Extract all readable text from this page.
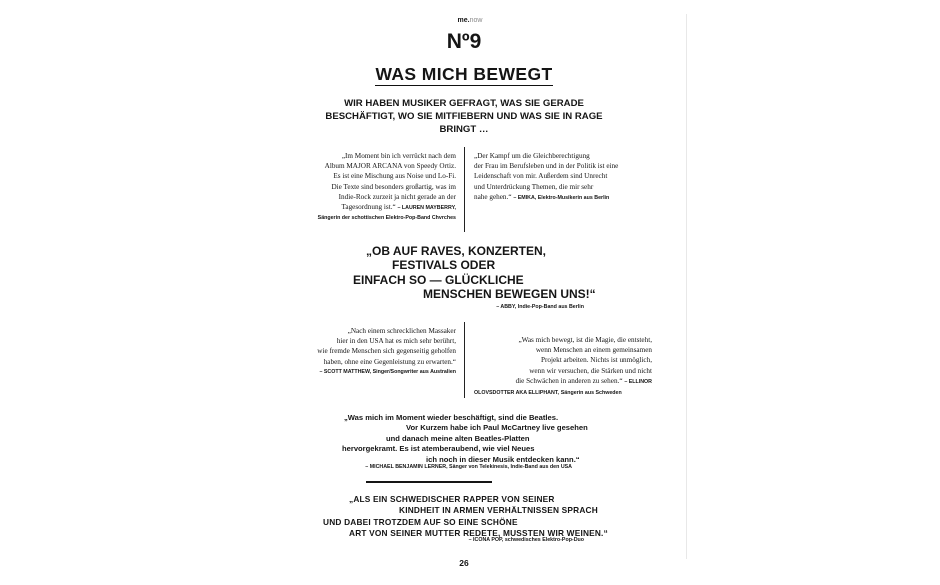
me.now
Nº9
WAS MICH BEWEGT
WIR HABEN MUSIKER GEFRAGT, WAS SIE GERADE BESCHÄFTIGT, WO SIE MITFIEBERN UND WAS SIE IN RAGE BRINGT …
„Im Moment bin ich verrückt nach dem
Album MAJOR ARCANA von Speedy Ortiz.
Es ist eine Mischung aus Noise und Lo-Fi.
Die Texte sind besonders großartig, was im
Indie-Rock zurzeit ja nicht gerade an der
Tagesordnung ist.“ – LAUREN MAYBERRY,
Sängerin der schottischen Elektro-Pop-Band Chvrches
„Der Kampf um die Gleichberechtigung
der Frau im Berufsleben und in der Politik ist eine
Leidenschaft von mir. Außerdem sind Unrecht
und Unterdrückung Themen, die mir sehr
nahe gehen.“ – EMIKA, Elektro-Musikerin aus Berlin
„OB AUF RAVES, KONZERTEN,
FESTIVALS ODER
EINFACH SO — GLÜCKLICHE
MENSCHEN BEWEGEN UNS!“
– ABBY, Indie-Pop-Band aus Berlin
„Nach einem schrecklichen Massaker
hier in den USA hat es mich sehr berührt,
wie fremde Menschen sich gegenseitig geholfen
haben, ohne eine Gegenleistung zu erwarten.“
– SCOTT MATTHEW, Singer/Songwriter aus Australien
„Was mich bewegt, ist die Magie, die entsteht,
wenn Menschen an einem gemeinsamen
Projekt arbeiten. Nichts ist unmöglich,
wenn wir versuchen, die Stärken und nicht
die Schwächen in anderen zu sehen.“ – ELLINOR
OLOVSDOTTER AKA ELLIPHANT, Sängerin aus Schweden
„Was mich im Moment wieder beschäftigt, sind die Beatles.
Vor Kurzem habe ich Paul McCartney live gesehen
und danach meine alten Beatles-Platten
hervorgekramt. Es ist atemberaubend, wie viel Neues
ich noch in dieser Musik entdecken kann.“
– MICHAEL BENJAMIN LERNER, Sänger von Telekinesis, Indie-Band aus den USA
„ALS EIN SCHWEDISCHER RAPPER VON SEINER
KINDHEIT IN ARMEN VERHÄLTNISSEN SPRACH
UND DABEI TROTZDEM AUF SO EINE SCHÖNE
ART VON SEINER MUTTER REDETE, MUSSTEN WIR WEINEN.“
– ICONA POP, schwedisches Elektro-Pop-Duo
26
